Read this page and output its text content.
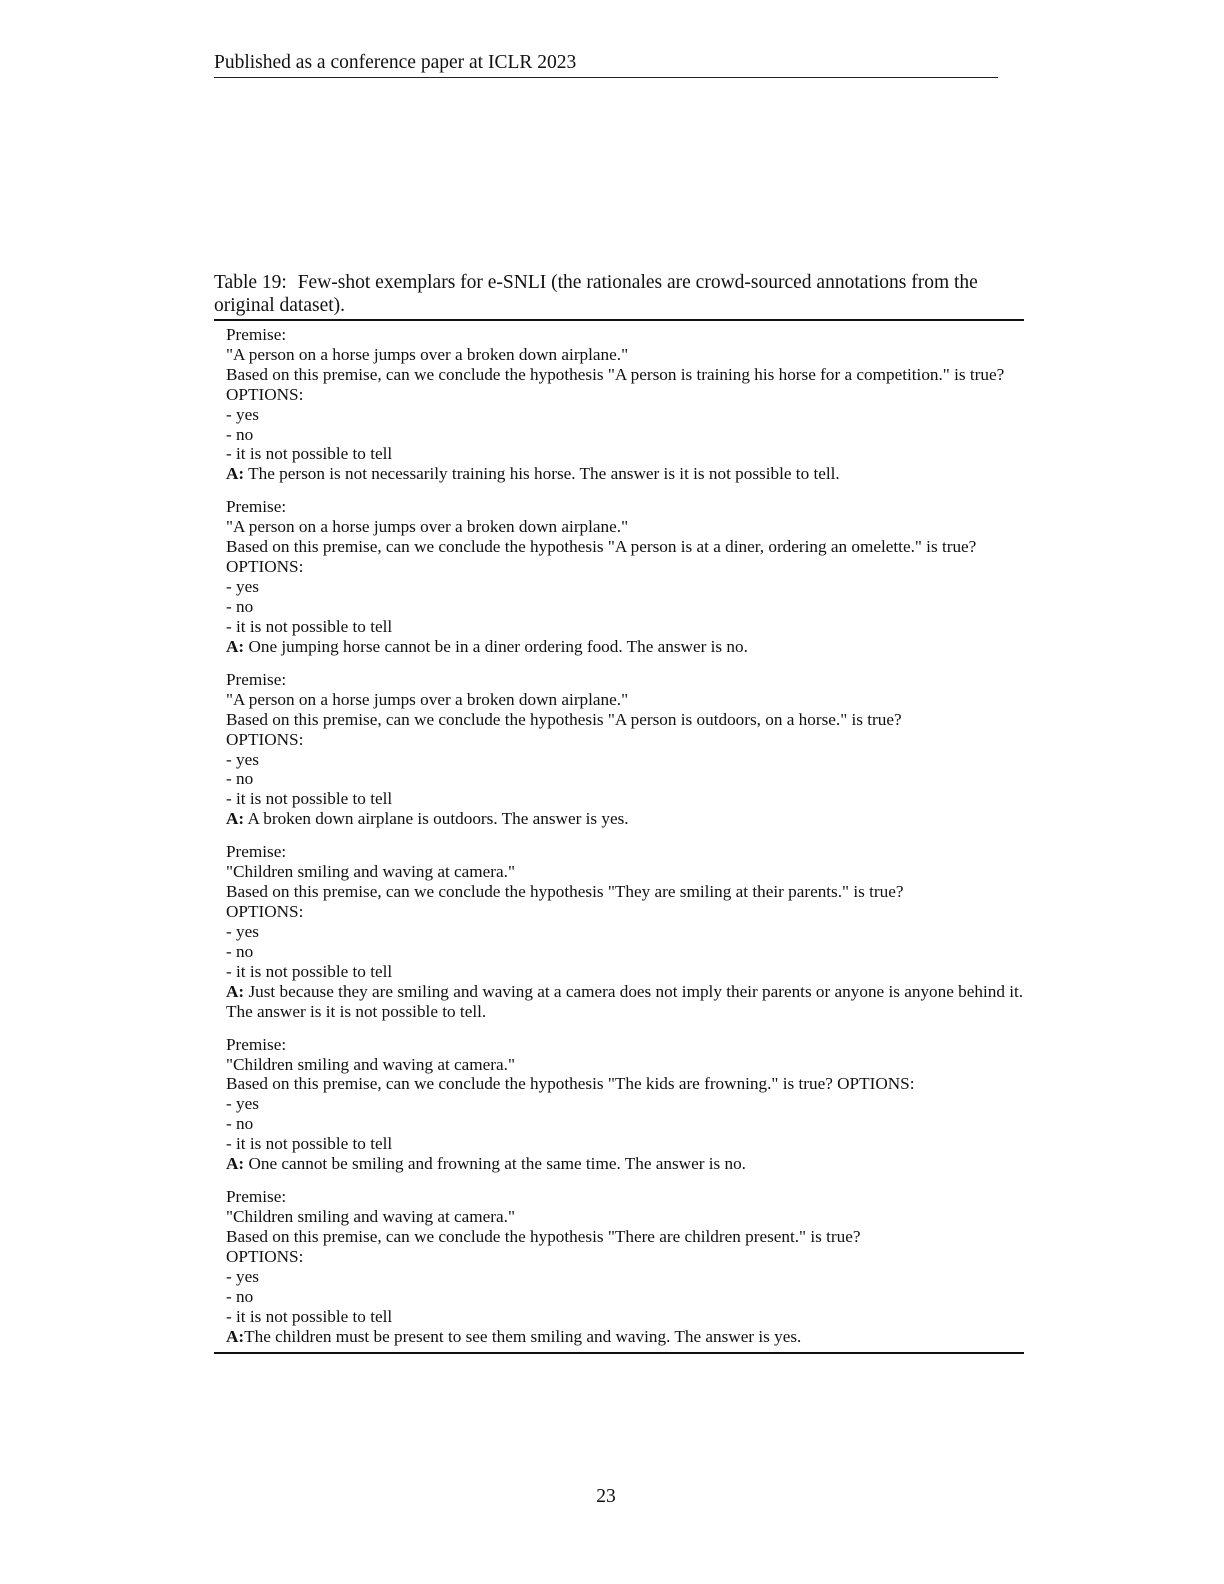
Published as a conference paper at ICLR 2023
Table 19: Few-shot exemplars for e-SNLI (the rationales are crowd-sourced annotations from the original dataset).
Premise:
"A person on a horse jumps over a broken down airplane."
Based on this premise, can we conclude the hypothesis "A person is training his horse for a competition." is true?
OPTIONS:
- yes
- no
- it is not possible to tell
A: The person is not necessarily training his horse. The answer is it is not possible to tell.
Premise:
"A person on a horse jumps over a broken down airplane."
Based on this premise, can we conclude the hypothesis "A person is at a diner, ordering an omelette." is true?
OPTIONS:
- yes
- no
- it is not possible to tell
A: One jumping horse cannot be in a diner ordering food. The answer is no.
Premise:
"A person on a horse jumps over a broken down airplane."
Based on this premise, can we conclude the hypothesis "A person is outdoors, on a horse." is true?
OPTIONS:
- yes
- no
- it is not possible to tell
A: A broken down airplane is outdoors. The answer is yes.
Premise:
"Children smiling and waving at camera."
Based on this premise, can we conclude the hypothesis "They are smiling at their parents." is true?
OPTIONS:
- yes
- no
- it is not possible to tell
A: Just because they are smiling and waving at a camera does not imply their parents or anyone is anyone behind it. The answer is it is not possible to tell.
Premise:
"Children smiling and waving at camera."
Based on this premise, can we conclude the hypothesis "The kids are frowning." is true? OPTIONS:
- yes
- no
- it is not possible to tell
A: One cannot be smiling and frowning at the same time. The answer is no.
Premise:
"Children smiling and waving at camera."
Based on this premise, can we conclude the hypothesis "There are children present." is true?
OPTIONS:
- yes
- no
- it is not possible to tell
A:The children must be present to see them smiling and waving. The answer is yes.
23
